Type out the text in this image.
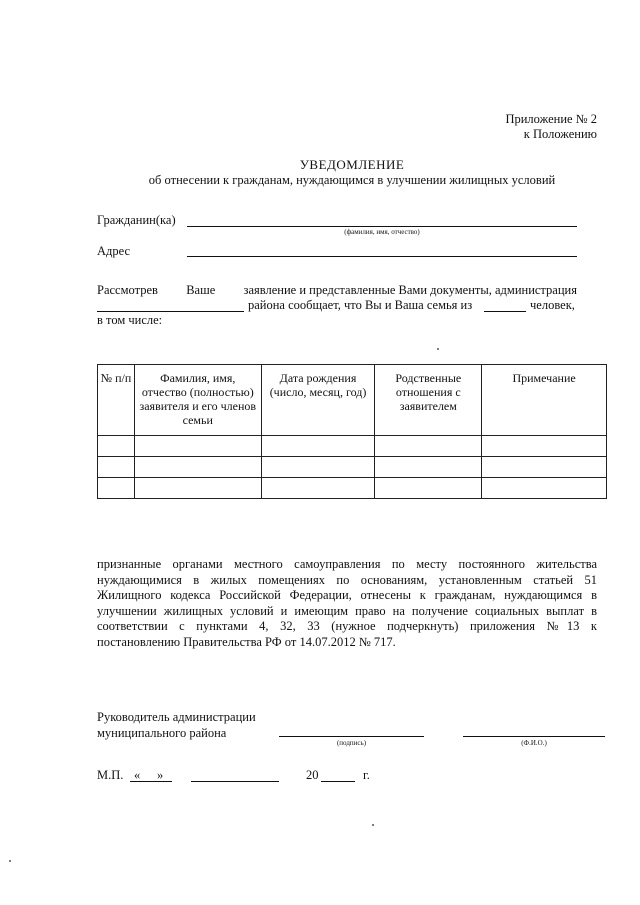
Приложение № 2
к Положению
УВЕДОМЛЕНИЕ
об отнесении к гражданам, нуждающимся в улучшении жилищных условий
Гражданин(ка)
(фамилия, имя, отчество)
Адрес
Рассмотрев Ваше заявление и представленные Вами документы, администрация
района сообщает, что Вы и Ваша семья из	человек,
в том числе:
№ п/п	Фамилия, имя, отчество (полностью) заявителя и его членов семьи	Дата рождения (число, месяц, год)	Родственные отношения с заявителем	Примечание

признанные органами местного самоуправления по месту постоянного жительства

нуждающимися в жилых помещениях по основаниям, установленным статьей 51

Жилищного кодекса Российской Федерации, отнесены к гражданам, нуждающимся в

улучшении жилищных условий и имеющим право на получение социальных выплат в

соответствии с пунктами 4, 32, 33 (нужное подчеркнуть) приложения №13 к

постановлению Правительства РФ от 14.07.2012 № 717.

Руководитель администрации
муниципального района
(подпись)	(Ф.И.О.)
М.П. « »	20	г.
